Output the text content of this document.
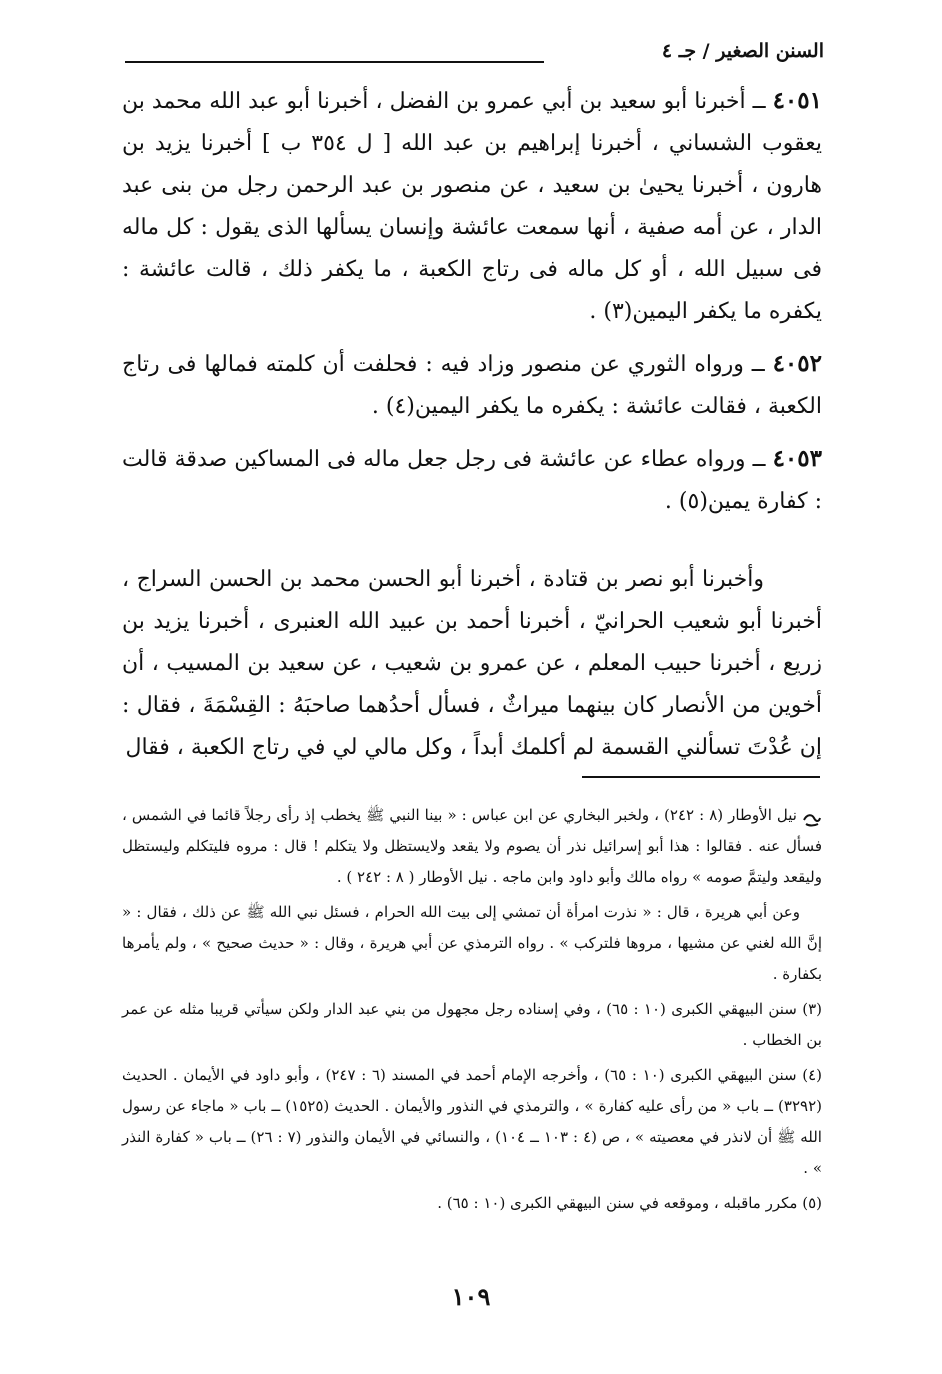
السنن الصغير / جـ ٤

٤٠٥١ ــ أخبرنا أبو سعيد بن أبي عمرو بن الفضل ، أخبرنا أبو عبد الله محمد بن يعقوب الشساني ، أخبرنا إبراهيم بن عبد الله [ ل ٣٥٤ ب ] أخبرنا يزيد بن هارون ، أخبرنا يحيىٰ بن سعيد ، عن منصور بن عبد الرحمن رجل من بنى عبد الدار ، عن أمه صفية ، أنها سمعت عائشة وإنسان يسألها الذى يقول : كل ماله فى سبيل الله ، أو كل ماله فى رتاج الكعبة ، ما يكفر ذلك ، قالت عائشة : يكفره ما يكفر اليمين(٣) .

٤٠٥٢ ــ ورواه الثوري عن منصور وزاد فيه : فحلفت أن كلمته فمالها فى رتاج الكعبة ، فقالت عائشة : يكفره ما يكفر اليمين(٤) .

٤٠٥٣ ــ ورواه عطاء عن عائشة فى رجل جعل ماله فى المساكين صدقة قالت : كفارة يمين(٥) .

وأخبرنا أبو نصر بن قتادة ، أخبرنا أبو الحسن محمد بن الحسن السراج ، أخبرنا أبو شعيب الحرانيّ ، أخبرنا أحمد بن عبيد الله العنبرى ، أخبرنا يزيد بن زريع ، أخبرنا حبيب المعلم ، عن عمرو بن شعيب ، عن سعيد بن المسيب ، أن أخوين من الأنصار كان بينهما ميراثٌ ، فسأل أحدُهما صاحبَهُ : القِسْمَةَ ، فقال : إن عُدْتَ تسألني القسمة لم أكلمك أبداً ، وكل مالي لي في رتاج الكعبة ، فقال

نيل الأوطار (٨ : ٢٤٢) ، ولخبر البخاري عن ابن عباس : « بينا النبي ﷺ يخطب إذ رأى رجلاً قائما في الشمس ، فسأل عنه . فقالوا : هذا أبو إسرائيل نذر أن يصوم ولا يقعد ولايستظل ولا يتكلم ! قال : مروه فليتكلم وليستظل وليقعد وليتمَّ صومه » رواه مالك وأبو داود وابن ماجه . نيل الأوطار ( ٨ : ٢٤٢ ) .

وعن أبي هريرة ، قال : « نذرت امرأة أن تمشي إلى بيت الله الحرام ، فسئل نبي الله ﷺ عن ذلك ، فقال : « إنَّ الله لغني عن مشيها ، مروها فلتركب » . رواه الترمذي عن أبي هريرة ، وقال : « حديث صحيح » ، ولم يأمرها بكفارة .

(٣) سنن البيهقي الكبرى (١٠ : ٦٥) ، وفي إسناده رجل مجهول من بني عبد الدار ولكن سيأتي قريبا مثله عن عمر بن الخطاب .

(٤) سنن البيهقي الكبرى (١٠ : ٦٥) ، وأخرجه الإمام أحمد في المسند (٦ : ٢٤٧) ، وأبو داود في الأيمان . الحديث (٣٢٩٢) ــ باب « من رأى عليه كفارة » ، والترمذي في النذور والأيمان . الحديث (١٥٢٥) ــ باب « ماجاء عن رسول الله ﷺ أن لانذر في معصيته » ، ص (٤ : ١٠٣ ــ ١٠٤) ، والنسائي في الأيمان والنذور (٧ : ٢٦) ــ باب « كفارة النذر » .

(٥) مكرر ماقبله ، وموقعه في سنن البيهقي الكبرى (١٠ : ٦٥) .

١٠٩
